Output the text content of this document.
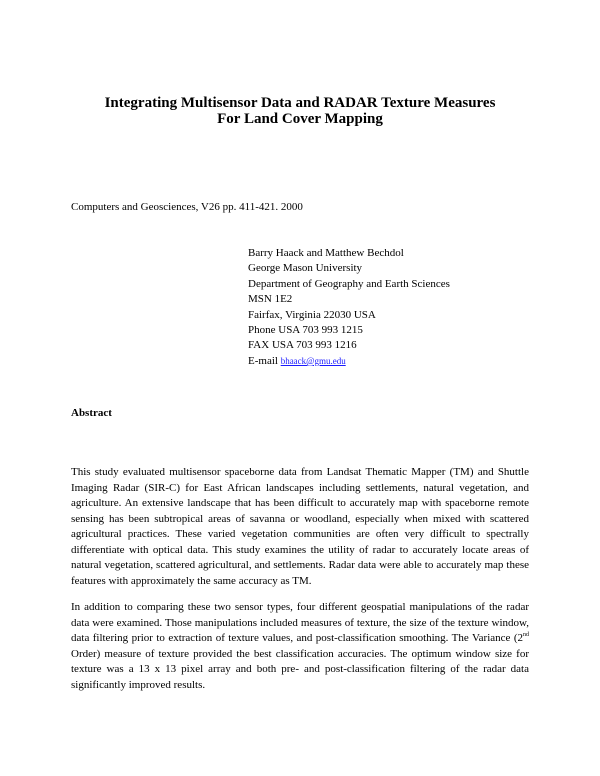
Integrating Multisensor Data and RADAR Texture Measures
For Land Cover Mapping

Computers and Geosciences, V26 pp. 411-421. 2000

Barry Haack and Matthew Bechdol
George Mason University
Department of Geography and Earth Sciences
MSN 1E2
Fairfax, Virginia 22030 USA
Phone USA 703 993 1215
FAX USA 703 993 1216
E-mail bhaack@gmu.edu
Abstract

This study evaluated multisensor spaceborne data from Landsat Thematic Mapper (TM) and Shuttle Imaging Radar (SIR-C) for East African landscapes including settlements, natural vegetation, and agriculture. An extensive landscape that has been difficult to accurately map with spaceborne remote sensing has been subtropical areas of savanna or woodland, especially when mixed with scattered agricultural practices. These varied vegetation communities are often very difficult to spectrally differentiate with optical data. This study examines the utility of radar to accurately locate areas of natural vegetation, scattered agricultural, and settlements. Radar data were able to accurately map these features with approximately the same accuracy as TM.

In addition to comparing these two sensor types, four different geospatial manipulations of the radar data were examined. Those manipulations included measures of texture, the size of the texture window, data filtering prior to extraction of texture values, and post-classification smoothing. The Variance (2nd Order) measure of texture provided the best classification accuracies. The optimum window size for texture was a 13 x 13 pixel array and both pre- and post-classification filtering of the radar data significantly improved results.
